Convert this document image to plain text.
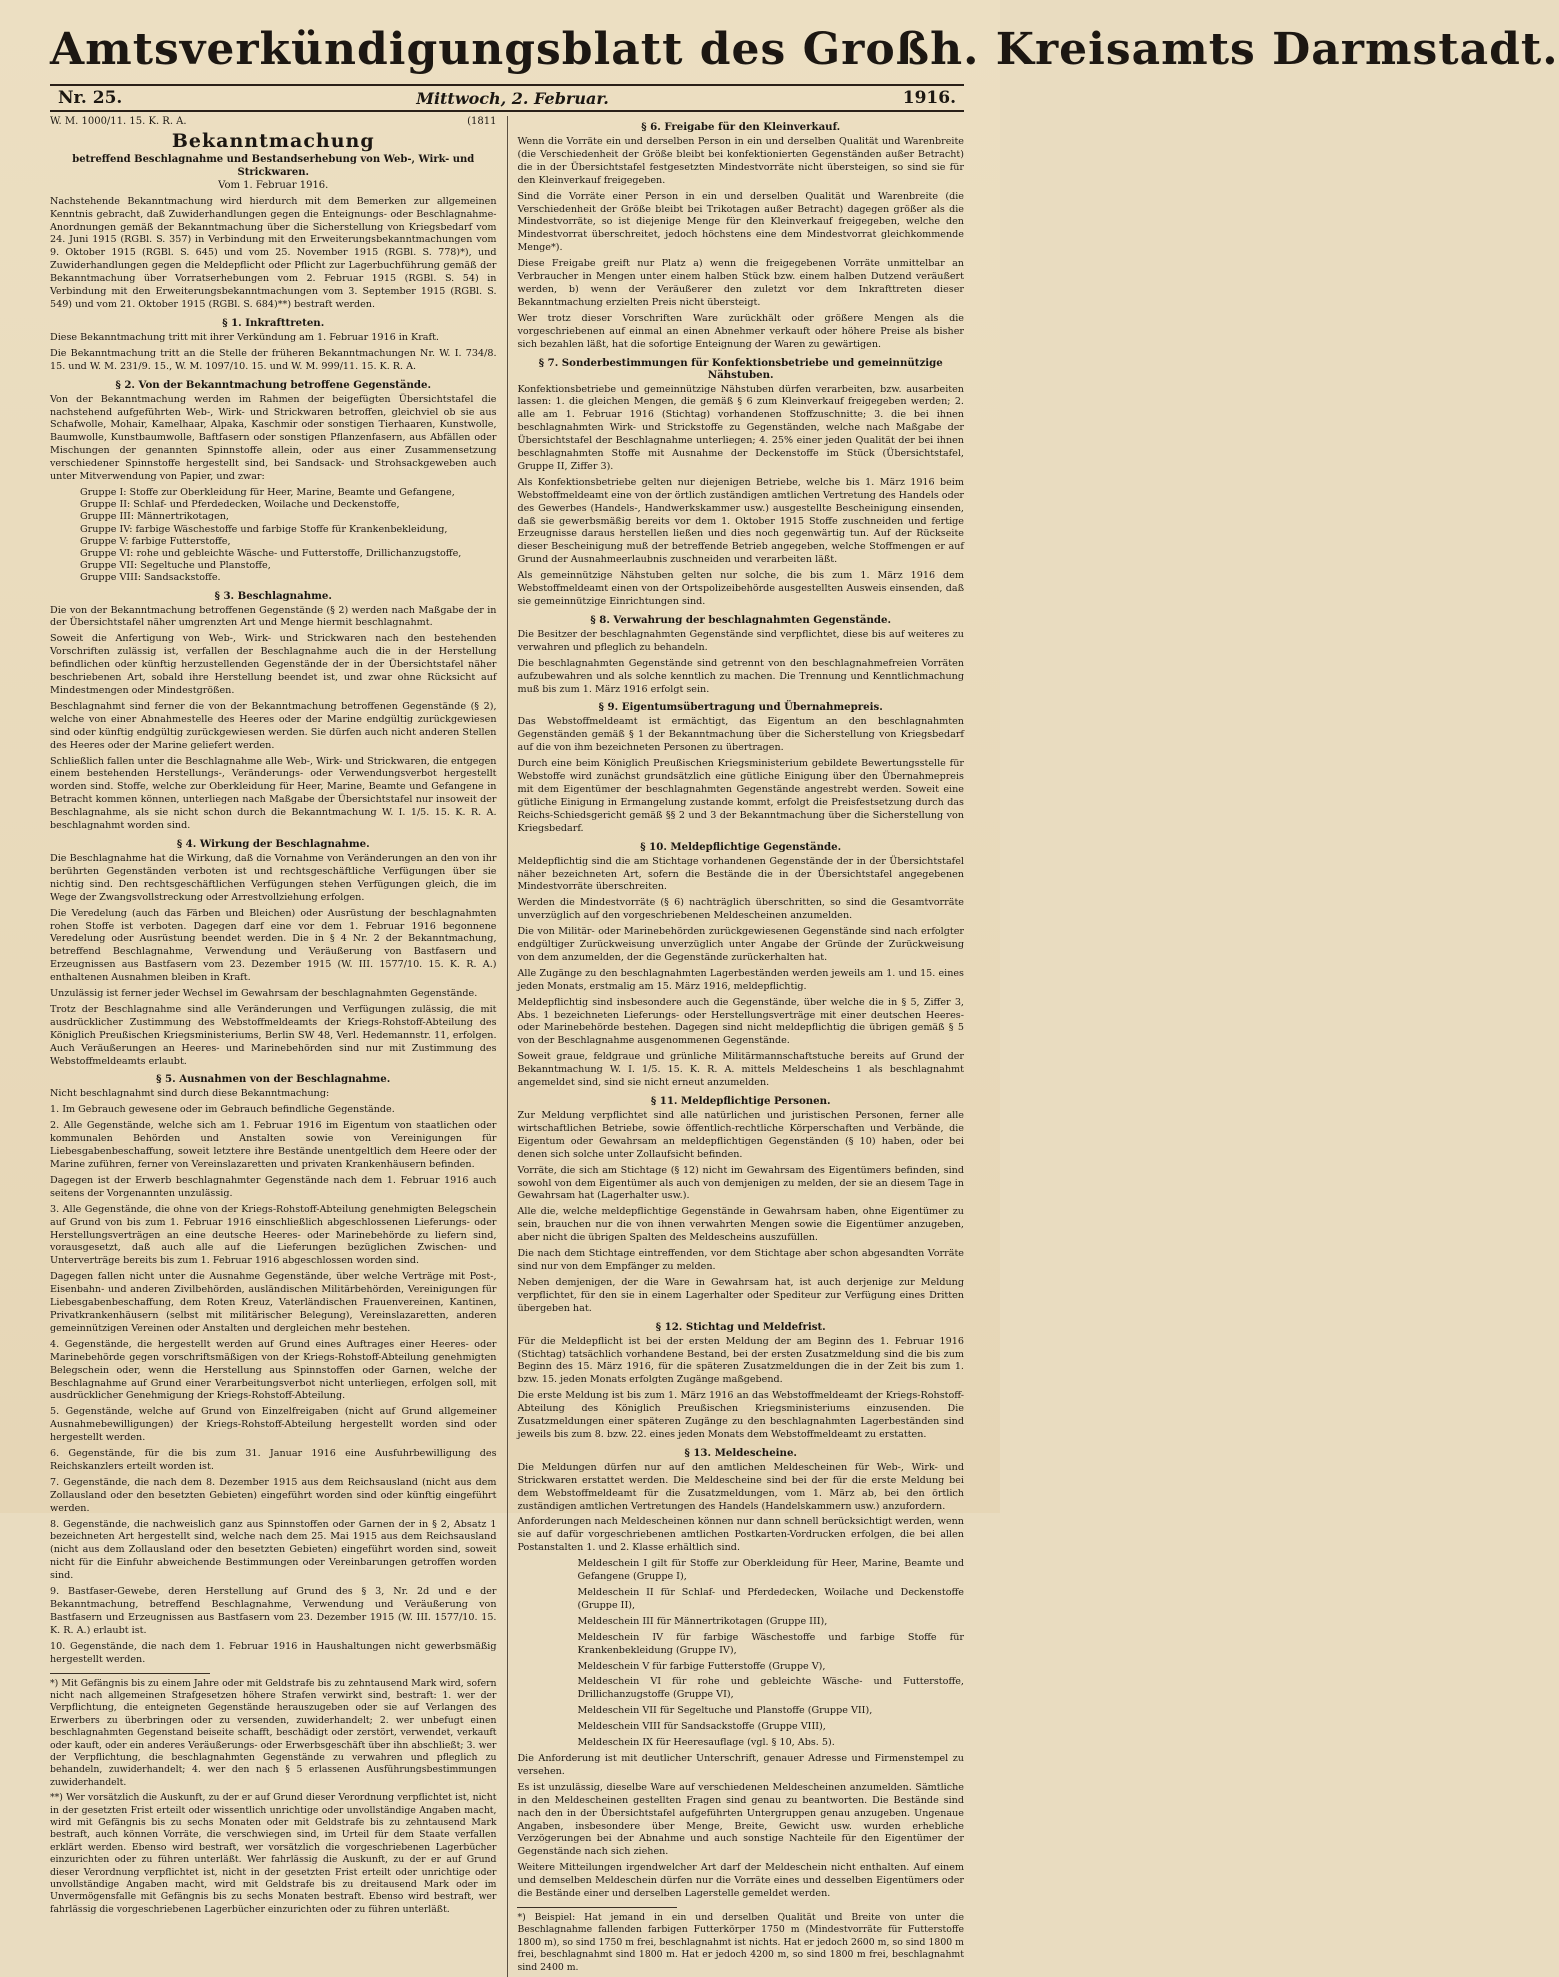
Amtsverkündigungsblatt des Großh. Kreisamts Darmstadt.
Nr. 25.	Mittwoch, 2. Februar.	1916.
W. M. 1000/11. 15. K. R. A.	(1811
Bekanntmachung

betreffend Beschlagnahme und Bestandserhebung von Web-, Wirk- und Strickwaren.

Vom 1. Februar 1916.

Nachstehende Bekanntmachung wird hierdurch mit dem Bemerken zur allgemeinen Kenntnis gebracht, daß Zuwiderhandlungen gegen die Enteignungs- oder Beschlagnahme-Anordnungen gemäß der Bekanntmachung über die Sicherstellung von Kriegsbedarf vom 24. Juni 1915 (RGBl. S. 357) in Verbindung mit den Erweiterungsbekanntmachungen vom 9. Oktober 1915 (RGBl. S. 645) und vom 25. November 1915 (RGBl. S. 778)*), und Zuwiderhandlungen gegen die Meldepflicht oder Pflicht zur Lagerbuchführung gemäß der Bekanntmachung über Vorratserhebungen vom 2. Februar 1915 (RGBl. S. 54) in Verbindung mit den Erweiterungsbekanntmachungen vom 3. September 1915 (RGBl. S. 549) und vom 21. Oktober 1915 (RGBl. S. 684)**) bestraft werden.

§ 1. Inkrafttreten.

Diese Bekanntmachung tritt mit ihrer Verkündung am 1. Februar 1916 in Kraft.

Die Bekanntmachung tritt an die Stelle der früheren Bekanntmachungen Nr. W. I. 734/8. 15. und W. M. 231/9. 15., W. M. 1097/10. 15. und W. M. 999/11. 15. K. R. A.

§ 2. Von der Bekanntmachung betroffene Gegenstände.

Von der Bekanntmachung werden im Rahmen der beigefügten Übersichtstafel die nachstehend aufgeführten Web-, Wirk- und Strickwaren betroffen, gleichviel ob sie aus Schafwolle, Mohair, Kamelhaar, Alpaka, Kaschmir oder sonstigen Tierhaaren, Kunstwolle, Baumwolle, Kunstbaumwolle, Baftfasern oder sonstigen Pflanzenfasern, aus Abfällen oder Mischungen der genannten Spinnstoffe allein, oder aus einer Zusammensetzung verschiedener Spinnstoffe hergestellt sind, bei Sandsack- und Strohsackgeweben auch unter Mitverwendung von Papier, und zwar:

Gruppe I: Stoffe zur Oberkleidung für Heer, Marine, Beamte und Gefangene,
Gruppe II: Schlaf- und Pferdedecken, Woilache und Deckenstoffe,
Gruppe III: Männertrikotagen,
Gruppe IV: farbige Wäschestoffe und farbige Stoffe für Krankenbekleidung,
Gruppe V: farbige Futterstoffe,
Gruppe VI: rohe und gebleichte Wäsche- und Futterstoffe, Drillichanzugstoffe,
Gruppe VII: Segeltuche und Planstoffe,
Gruppe VIII: Sandsackstoffe.
§ 3. Beschlagnahme.

Die von der Bekanntmachung betroffenen Gegenstände (§ 2) werden nach Maßgabe der in der Übersichtstafel näher umgrenzten Art und Menge hiermit beschlagnahmt.

Soweit die Anfertigung von Web-, Wirk- und Strickwaren nach den bestehenden Vorschriften zulässig ist, verfallen der Beschlagnahme auch die in der Herstellung befindlichen oder künftig herzustellenden Gegenstände der in der Übersichtstafel näher beschriebenen Art, sobald ihre Herstellung beendet ist, und zwar ohne Rücksicht auf Mindestmengen oder Mindestgrößen.

Beschlagnahmt sind ferner die von der Bekanntmachung betroffenen Gegenstände (§ 2), welche von einer Abnahmestelle des Heeres oder der Marine endgültig zurückgewiesen sind oder künftig endgültig zurückgewiesen werden. Sie dürfen auch nicht anderen Stellen des Heeres oder der Marine geliefert werden.

Schließlich fallen unter die Beschlagnahme alle Web-, Wirk- und Strickwaren, die entgegen einem bestehenden Herstellungs-, Veränderungs- oder Verwendungsverbot hergestellt worden sind. Stoffe, welche zur Oberkleidung für Heer, Marine, Beamte und Gefangene in Betracht kommen können, unterliegen nach Maßgabe der Übersichtstafel nur insoweit der Beschlagnahme, als sie nicht schon durch die Bekanntmachung W. I. 1/5. 15. K. R. A. beschlagnahmt worden sind.

§ 4. Wirkung der Beschlagnahme.

Die Beschlagnahme hat die Wirkung, daß die Vornahme von Veränderungen an den von ihr berührten Gegenständen verboten ist und rechtsgeschäftliche Verfügungen über sie nichtig sind. Den rechtsgeschäftlichen Verfügungen stehen Verfügungen gleich, die im Wege der Zwangsvollstreckung oder Arrestvollziehung erfolgen.

Die Veredelung (auch das Färben und Bleichen) oder Ausrüstung der beschlagnahmten rohen Stoffe ist verboten. Dagegen darf eine vor dem 1. Februar 1916 begonnene Veredelung oder Ausrüstung beendet werden. Die in § 4 Nr. 2 der Bekanntmachung, betreffend Beschlagnahme, Verwendung und Veräußerung von Bastfasern und Erzeugnissen aus Bastfasern vom 23. Dezember 1915 (W. III. 1577/10. 15. K. R. A.) enthaltenen Ausnahmen bleiben in Kraft.

Unzulässig ist ferner jeder Wechsel im Gewahrsam der beschlagnahmten Gegenstände.

Trotz der Beschlagnahme sind alle Veränderungen und Verfügungen zulässig, die mit ausdrücklicher Zustimmung des Webstoffmeldeamts der Kriegs-Rohstoff-Abteilung des Königlich Preußischen Kriegsministeriums, Berlin SW 48, Verl. Hedemannstr. 11, erfolgen. Auch Veräußerungen an Heeres- und Marinebehörden sind nur mit Zustimmung des Webstoffmeldeamts erlaubt.

§ 5. Ausnahmen von der Beschlagnahme.

Nicht beschlagnahmt sind durch diese Bekanntmachung:

1. Im Gebrauch gewesene oder im Gebrauch befindliche Gegenstände.

2. Alle Gegenstände, welche sich am 1. Februar 1916 im Eigentum von staatlichen oder kommunalen Behörden und Anstalten sowie von Vereinigungen für Liebesgabenbeschaffung, soweit letztere ihre Bestände unentgeltlich dem Heere oder der Marine zuführen, ferner von Vereinslazaretten und privaten Krankenhäusern befinden.

Dagegen ist der Erwerb beschlagnahmter Gegenstände nach dem 1. Februar 1916 auch seitens der Vorgenannten unzulässig.

3. Alle Gegenstände, die ohne von der Kriegs-Rohstoff-Abteilung genehmigten Belegschein auf Grund von bis zum 1. Februar 1916 einschließlich abgeschlossenen Lieferungs- oder Herstellungsverträgen an eine deutsche Heeres- oder Marinebehörde zu liefern sind, vorausgesetzt, daß auch alle auf die Lieferungen bezüglichen Zwischen- und Unterverträge bereits bis zum 1. Februar 1916 abgeschlossen worden sind.

Dagegen fallen nicht unter die Ausnahme Gegenstände, über welche Verträge mit Post-, Eisenbahn- und anderen Zivilbehörden, ausländischen Militärbehörden, Vereinigungen für Liebesgabenbeschaffung, dem Roten Kreuz, Vaterländischen Frauenvereinen, Kantinen, Privatkrankenhäusern (selbst mit militärischer Belegung), Vereinslazaretten, anderen gemeinnützigen Vereinen oder Anstalten und dergleichen mehr bestehen.

4. Gegenstände, die hergestellt werden auf Grund eines Auftrages einer Heeres- oder Marinebehörde gegen vorschriftsmäßigen von der Kriegs-Rohstoff-Abteilung genehmigten Belegschein oder, wenn die Herstellung aus Spinnstoffen oder Garnen, welche der Beschlagnahme auf Grund einer Verarbeitungsverbot nicht unterliegen, erfolgen soll, mit ausdrücklicher Genehmigung der Kriegs-Rohstoff-Abteilung.

5. Gegenstände, welche auf Grund von Einzelfreigaben (nicht auf Grund allgemeiner Ausnahmebewilligungen) der Kriegs-Rohstoff-Abteilung hergestellt worden sind oder hergestellt werden.

6. Gegenstände, für die bis zum 31. Januar 1916 eine Ausfuhrbewilligung des Reichskanzlers erteilt worden ist.

7. Gegenstände, die nach dem 8. Dezember 1915 aus dem Reichsausland (nicht aus dem Zollausland oder den besetzten Gebieten) eingeführt worden sind oder künftig eingeführt werden.

8. Gegenstände, die nachweislich ganz aus Spinnstoffen oder Garnen der in § 2, Absatz 1 bezeichneten Art hergestellt sind, welche nach dem 25. Mai 1915 aus dem Reichsausland (nicht aus dem Zollausland oder den besetzten Gebieten) eingeführt worden sind, soweit nicht für die Einfuhr abweichende Bestimmungen oder Vereinbarungen getroffen worden sind.

9. Bastfaser-Gewebe, deren Herstellung auf Grund des § 3, Nr. 2d und e der Bekanntmachung, betreffend Beschlagnahme, Verwendung und Veräußerung von Bastfasern und Erzeugnissen aus Bastfasern vom 23. Dezember 1915 (W. III. 1577/10. 15. K. R. A.) erlaubt ist.

10. Gegenstände, die nach dem 1. Februar 1916 in Haushaltungen nicht gewerbsmäßig hergestellt werden.

*) Mit Gefängnis bis zu einem Jahre oder mit Geldstrafe bis zu zehntausend Mark wird, sofern nicht nach allgemeinen Strafgesetzen höhere Strafen verwirkt sind, bestraft: 1. wer der Verpflichtung, die enteigneten Gegenstände herauszugeben oder sie auf Verlangen des Erwerbers zu überbringen oder zu versenden, zuwiderhandelt; 2. wer unbefugt einen beschlagnahmten Gegenstand beiseite schafft, beschädigt oder zerstört, verwendet, verkauft oder kauft, oder ein anderes Veräußerungs- oder Erwerbsgeschäft über ihn abschließt; 3. wer der Verpflichtung, die beschlagnahmten Gegenstände zu verwahren und pfleglich zu behandeln, zuwiderhandelt; 4. wer den nach § 5 erlassenen Ausführungsbestimmungen zuwiderhandelt.

**) Wer vorsätzlich die Auskunft, zu der er auf Grund dieser Verordnung verpflichtet ist, nicht in der gesetzten Frist erteilt oder wissentlich unrichtige oder unvollständige Angaben macht, wird mit Gefängnis bis zu sechs Monaten oder mit Geldstrafe bis zu zehntausend Mark bestraft, auch können Vorräte, die verschwiegen sind, im Urteil für dem Staate verfallen erklärt werden. Ebenso wird bestraft, wer vorsätzlich die vorgeschriebenen Lagerbücher einzurichten oder zu führen unterläßt. Wer fahrlässig die Auskunft, zu der er auf Grund dieser Verordnung verpflichtet ist, nicht in der gesetzten Frist erteilt oder unrichtige oder unvollständige Angaben macht, wird mit Geldstrafe bis zu dreitausend Mark oder im Unvermögensfalle mit Gefängnis bis zu sechs Monaten bestraft. Ebenso wird bestraft, wer fahrlässig die vorgeschriebenen Lagerbücher einzurichten oder zu führen unterläßt.

§ 6. Freigabe für den Kleinverkauf.

Wenn die Vorräte ein und derselben Person in ein und derselben Qualität und Warenbreite (die Verschiedenheit der Größe bleibt bei konfektionierten Gegenständen außer Betracht) die in der Übersichtstafel festgesetzten Mindestvorräte nicht übersteigen, so sind sie für den Kleinverkauf freigegeben.

Sind die Vorräte einer Person in ein und derselben Qualität und Warenbreite (die Verschiedenheit der Größe bleibt bei Trikotagen außer Betracht) dagegen größer als die Mindestvorräte, so ist diejenige Menge für den Kleinverkauf freigegeben, welche den Mindestvorrat überschreitet, jedoch höchstens eine dem Mindestvorrat gleichkommende Menge*).

Diese Freigabe greift nur Platz a) wenn die freigegebenen Vorräte unmittelbar an Verbraucher in Mengen unter einem halben Stück bzw. einem halben Dutzend veräußert werden, b) wenn der Veräußerer den zuletzt vor dem Inkrafttreten dieser Bekanntmachung erzielten Preis nicht übersteigt.

Wer trotz dieser Vorschriften Ware zurückhält oder größere Mengen als die vorgeschriebenen auf einmal an einen Abnehmer verkauft oder höhere Preise als bisher sich bezahlen läßt, hat die sofortige Enteignung der Waren zu gewärtigen.

§ 7. Sonderbestimmungen für Konfektionsbetriebe und gemeinnützige Nähstuben.

Konfektionsbetriebe und gemeinnützige Nähstuben dürfen verarbeiten, bzw. ausarbeiten lassen: 1. die gleichen Mengen, die gemäß § 6 zum Kleinverkauf freigegeben werden; 2. alle am 1. Februar 1916 (Stichtag) vorhandenen Stoffzuschnitte; 3. die bei ihnen beschlagnahmten Wirk- und Strickstoffe zu Gegenständen, welche nach Maßgabe der Übersichtstafel der Beschlagnahme unterliegen; 4. 25% einer jeden Qualität der bei ihnen beschlagnahmten Stoffe mit Ausnahme der Deckenstoffe im Stück (Übersichtstafel, Gruppe II, Ziffer 3).

Als Konfektionsbetriebe gelten nur diejenigen Betriebe, welche bis 1. März 1916 beim Webstoffmeldeamt eine von der örtlich zuständigen amtlichen Vertretung des Handels oder des Gewerbes (Handels-, Handwerkskammer usw.) ausgestellte Bescheinigung einsenden, daß sie gewerbsmäßig bereits vor dem 1. Oktober 1915 Stoffe zuschneiden und fertige Erzeugnisse daraus herstellen ließen und dies noch gegenwärtig tun. Auf der Rückseite dieser Bescheinigung muß der betreffende Betrieb angegeben, welche Stoffmengen er auf Grund der Ausnahmeerlaubnis zuschneiden und verarbeiten läßt.

Als gemeinnützige Nähstuben gelten nur solche, die bis zum 1. März 1916 dem Webstoffmeldeamt einen von der Ortspolizeibehörde ausgestellten Ausweis einsenden, daß sie gemeinnützige Einrichtungen sind.

§ 8. Verwahrung der beschlagnahmten Gegenstände.

Die Besitzer der beschlagnahmten Gegenstände sind verpflichtet, diese bis auf weiteres zu verwahren und pfleglich zu behandeln.

Die beschlagnahmten Gegenstände sind getrennt von den beschlagnahmefreien Vorräten aufzubewahren und als solche kenntlich zu machen. Die Trennung und Kenntlichmachung muß bis zum 1. März 1916 erfolgt sein.

§ 9. Eigentumsübertragung und Übernahmepreis.

Das Webstoffmeldeamt ist ermächtigt, das Eigentum an den beschlagnahmten Gegenständen gemäß § 1 der Bekanntmachung über die Sicherstellung von Kriegsbedarf auf die von ihm bezeichneten Personen zu übertragen.

Durch eine beim Königlich Preußischen Kriegsministerium gebildete Bewertungsstelle für Webstoffe wird zunächst grundsätzlich eine gütliche Einigung über den Übernahmepreis mit dem Eigentümer der beschlagnahmten Gegenstände angestrebt werden. Soweit eine gütliche Einigung in Ermangelung zustande kommt, erfolgt die Preisfestsetzung durch das Reichs-Schiedsgericht gemäß §§ 2 und 3 der Bekanntmachung über die Sicherstellung von Kriegsbedarf.

§ 10. Meldepflichtige Gegenstände.

Meldepflichtig sind die am Stichtage vorhandenen Gegenstände der in der Übersichtstafel näher bezeichneten Art, sofern die Bestände die in der Übersichtstafel angegebenen Mindestvorräte überschreiten.

Werden die Mindestvorräte (§ 6) nachträglich überschritten, so sind die Gesamtvorräte unverzüglich auf den vorgeschriebenen Meldescheinen anzumelden.

Die von Militär- oder Marinebehörden zurückgewiesenen Gegenstände sind nach erfolgter endgültiger Zurückweisung unverzüglich unter Angabe der Gründe der Zurückweisung von dem anzumelden, der die Gegenstände zurückerhalten hat.

Alle Zugänge zu den beschlagnahmten Lagerbeständen werden jeweils am 1. und 15. eines jeden Monats, erstmalig am 15. März 1916, meldepflichtig.

Meldepflichtig sind insbesondere auch die Gegenstände, über welche die in § 5, Ziffer 3, Abs. 1 bezeichneten Lieferungs- oder Herstellungsverträge mit einer deutschen Heeres- oder Marinebehörde bestehen. Dagegen sind nicht meldepflichtig die übrigen gemäß § 5 von der Beschlagnahme ausgenommenen Gegenstände.

Soweit graue, feldgraue und grünliche Militärmannschaftstuche bereits auf Grund der Bekanntmachung W. I. 1/5. 15. K. R. A. mittels Meldescheins 1 als beschlagnahmt angemeldet sind, sind sie nicht erneut anzumelden.

§ 11. Meldepflichtige Personen.

Zur Meldung verpflichtet sind alle natürlichen und juristischen Personen, ferner alle wirtschaftlichen Betriebe, sowie öffentlich-rechtliche Körperschaften und Verbände, die Eigentum oder Gewahrsam an meldepflichtigen Gegenständen (§ 10) haben, oder bei denen sich solche unter Zollaufsicht befinden.

Vorräte, die sich am Stichtage (§ 12) nicht im Gewahrsam des Eigentümers befinden, sind sowohl von dem Eigentümer als auch von demjenigen zu melden, der sie an diesem Tage in Gewahrsam hat (Lagerhalter usw.).

Alle die, welche meldepflichtige Gegenstände in Gewahrsam haben, ohne Eigentümer zu sein, brauchen nur die von ihnen verwahrten Mengen sowie die Eigentümer anzugeben, aber nicht die übrigen Spalten des Meldescheins auszufüllen.

Die nach dem Stichtage eintreffenden, vor dem Stichtage aber schon abgesandten Vorräte sind nur von dem Empfänger zu melden.

Neben demjenigen, der die Ware in Gewahrsam hat, ist auch derjenige zur Meldung verpflichtet, für den sie in einem Lagerhalter oder Spediteur zur Verfügung eines Dritten übergeben hat.

§ 12. Stichtag und Meldefrist.

Für die Meldepflicht ist bei der ersten Meldung der am Beginn des 1. Februar 1916 (Stichtag) tatsächlich vorhandene Bestand, bei der ersten Zusatzmeldung sind die bis zum Beginn des 15. März 1916, für die späteren Zusatzmeldungen die in der Zeit bis zum 1. bzw. 15. jeden Monats erfolgten Zugänge maßgebend.

Die erste Meldung ist bis zum 1. März 1916 an das Webstoffmeldeamt der Kriegs-Rohstoff-Abteilung des Königlich Preußischen Kriegsministeriums einzusenden. Die Zusatzmeldungen einer späteren Zugänge zu den beschlagnahmten Lagerbeständen sind jeweils bis zum 8. bzw. 22. eines jeden Monats dem Webstoffmeldeamt zu erstatten.

§ 13. Meldescheine.

Die Meldungen dürfen nur auf den amtlichen Meldescheinen für Web-, Wirk- und Strickwaren erstattet werden. Die Meldescheine sind bei der für die erste Meldung bei dem Webstoffmeldeamt für die Zusatzmeldungen, vom 1. März ab, bei den örtlich zuständigen amtlichen Vertretungen des Handels (Handelskammern usw.) anzufordern.

Anforderungen nach Meldescheinen können nur dann schnell berücksichtigt werden, wenn sie auf dafür vorgeschriebenen amtlichen Postkarten-Vordrucken erfolgen, die bei allen Postanstalten 1. und 2. Klasse erhältlich sind.

Meldeschein I gilt für Stoffe zur Oberkleidung für Heer, Marine, Beamte und Gefangene (Gruppe I),

Meldeschein II für Schlaf- und Pferdedecken, Woilache und Deckenstoffe (Gruppe II),

Meldeschein III für Männertrikotagen (Gruppe III),

Meldeschein IV für farbige Wäschestoffe und farbige Stoffe für Krankenbekleidung (Gruppe IV),

Meldeschein V für farbige Futterstoffe (Gruppe V),

Meldeschein VI für rohe und gebleichte Wäsche- und Futterstoffe, Drillichanzugstoffe (Gruppe VI),

Meldeschein VII für Segeltuche und Planstoffe (Gruppe VII),

Meldeschein VIII für Sandsackstoffe (Gruppe VIII),

Meldeschein IX für Heeresauflage (vgl. § 10, Abs. 5).

Die Anforderung ist mit deutlicher Unterschrift, genauer Adresse und Firmenstempel zu versehen.

Es ist unzulässig, dieselbe Ware auf verschiedenen Meldescheinen anzumelden. Sämtliche in den Meldescheinen gestellten Fragen sind genau zu beantworten. Die Bestände sind nach den in der Übersichtstafel aufgeführten Untergruppen genau anzugeben. Ungenaue Angaben, insbesondere über Menge, Breite, Gewicht usw. wurden erhebliche Verzögerungen bei der Abnahme und auch sonstige Nachteile für den Eigentümer der Gegenstände nach sich ziehen.

Weitere Mitteilungen irgendwelcher Art darf der Meldeschein nicht enthalten. Auf einem und demselben Meldeschein dürfen nur die Vorräte eines und desselben Eigentümers oder die Bestände einer und derselben Lagerstelle gemeldet werden.

*) Beispiel: Hat jemand in ein und derselben Qualität und Breite von unter die Beschlagnahme fallenden farbigen Futterkörper 1750 m (Mindestvorräte für Futterstoffe 1800 m), so sind 1750 m frei, beschlagnahmt ist nichts. Hat er jedoch 2600 m, so sind 1800 m frei, beschlagnahmt sind 1800 m. Hat er jedoch 4200 m, so sind 1800 m frei, beschlagnahmt sind 2400 m.
